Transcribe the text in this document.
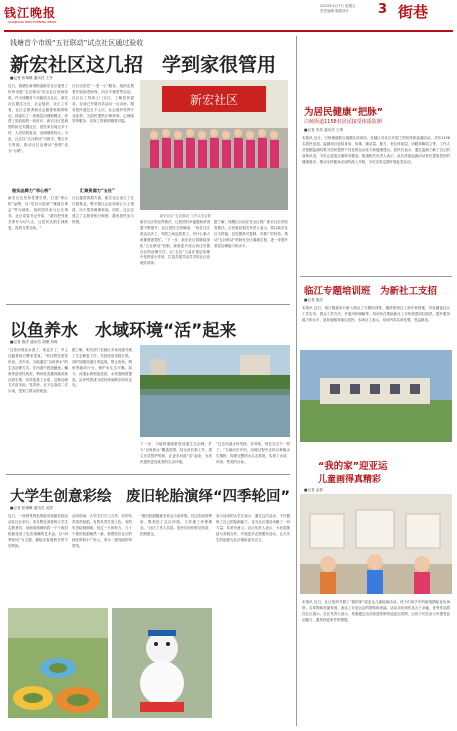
钱江晚报
QIANJIANG NEW EVENING NEWS
2023年4月7日 星期五
责任编辑 版面设计 3 街巷
钱塘首个市级“五社联动”试点社区通过验收
新宏社区这几招　学到家很管用
■记者 张琳琳 通讯员 王齐
近日，钱塘区新湾街道新宏社区接受了杭州市级“五社联动”试点社区现场验收。作为钱塘首个市级试点社区，新宏社区通过社区、社会组织、社区工作者、社区志愿者和社会慈善资源的联动，探索出了一套基层治理新模式，获得了验收组的一致好评。新宏社区是典型的拆迁安置社区，居民来自周边多个村，人员结构复杂，治理难度较大。为此，社区以“五社联动”为抓手，整合各方资源，推动社区治理从“独唱”变为“合唱”。
做实品牌力“邻心桥”
新宏社区坚持党建引领，打造“邻心桥”品牌，以“党员示范岗”“楼道议事会”等为载体，组织居民参与社区事务。社区党委书记介绍，“我们把邻里关系作为切入点，让居民从陌生到熟悉，再到互帮互助。”
社区还依托“一老一小”服务，组织志愿者开展助老助残、四点半课堂等活动。社区社工每周上门走访，了解居民需求。目前已开展各类活动一百余场，服务居民超过五千人次。社会组织发挥专业优势，为居民提供法律咨询、心理疏导等服务，实现了资源的精准对接。
汇聚资源力“五社”
社区慈善资源方面，新宏社区设立了社区微基金，吸引辖区企业和爱心人士捐款，用于帮扶困难家庭。同时，社区还建立了志愿者积分制度，激发居民参与热情。
新宏社区
新宏社区“五社联动”工作人员合影
新宏社区的这些做法，让居民的幸福感和获得感不断提升。社区居民王阿姨说：“现在社区里活动多了，邻居之间也熟悉了，有什么事大家都愿意帮忙。”下一步，新宏社区将继续深化“五社联动”机制，探索更多适合拆迁安置社区的治理方法，让“五社”力量在基层治理中发挥更大作用，打造共建共治共享的社区治理共同体。
据了解，钱塘区目前正在全区推广新宏社区的经验做法。区民政局相关负责人表示，将以新宏社区为样板，总结提炼可复制、可推广的经验，推动“五社联动”机制在全区落地生根，进一步提升基层治理能力和水平。
以鱼养水　水域环境“活”起来
■记者 施洋 通讯员 胡瑾 刘海
“这条河现在水清了，鱼也多了，早上还能看到白鹭来觅食。”家住附近的居民说。近年来，当地通过“以鱼养水”的生态治理方式，在河道中投放鲢鱼、鳙鱼等滤食性鱼类，利用鱼类摄食藻类和浮游生物，有效改善了水质。这种治理方式成本低、见效快，且不会造成二次污染，受到了群众的欢迎。
据了解，相关部门在辖区多条河道开展了生态修复工作，共投放鱼苗数万尾。同时加强河道日常巡查，禁止电鱼、网鱼等破坏行为，保护水生态平衡。如今，河道水质明显改善，水体透明度提高，沿岸风景成为居民休闲散步的好去处。
下一步，当地将继续推进河道生态治理，扩大“以鱼养水”覆盖范围，结合河长制工作，建立长效管护机制，让更多河道“活”起来，为居民提供更加优美的生活环境。
“过去河道水体发绿，有异味，现在完全不一样了。”当地河长介绍，治理过程中还结合种植水生植物，构建完整的水生态系统，实现了水清、岸绿、景美的目标。
大学生创意彩绘　废旧轮胎演绎“四季轮回”
■记者 张琳琳 通讯员 吴倩
近日，一场别具特色的废旧轮胎彩绘活动在社区举行。来自附近高校的大学生志愿者们，用画笔和颜料将一个个废旧轮胎变成了色彩斑斓的艺术品，以“四季轮回”为主题，描绘出春夏秋冬的不同景致。
活动现场，大学生们分工合作，有的负责清洗轮胎，有的负责打底上色，有的负责绘制图案。经过一天的努力，几十个废旧轮胎焕然一新，被摆放在社区的绿化带和小广场上，成为一道亮丽的风景线。
“废旧轮胎随意丢弃会污染环境，经过彩绘再利用，既美化了社区环境，又传递了环保理念。”社区工作人员说。居民们纷纷驻足欣赏，拍照留念。
参与活动的大学生表示，通过这次活动，不仅锻炼了自己的绘画能力，也为社区建设贡献了一份力量，非常有意义。社区负责人表示，今后将继续与高校合作，开展更多志愿服务活动，让大学生的创意为社区增添更多活力。
为居民健康“把脉”
白杨街道1158名居民接受体质监测
■记者 史奕 通讯员 王琦
本报讯 近日，白杨街道联合钱塘区体育局，在辖区各社区开展了国民体质监测活动，共有1158名居民参加。监测项目包括身高、体重、肺活量、握力、坐位体前屈、闭眼单脚站立等，工作人员根据监测结果为居民提供个性化的运动处方和健康建议。居民们表示，通过监测了解了自己的身体状况，今后会更加注重科学健身。街道相关负责人表示，此次体质监测活动旨在提高居民的健康意识，推动全民健身活动的深入开展，今后还将定期开展此类活动。
临江专题培训班　为新社工支招
■记者 施洋
本报讯 近日，临江街道举行新入职社工专题培训班，邀请资深社工和专家授课，内容涵盖社区工作实务、群众工作方法、矛盾纠纷调解等。培训旨在帮助新社工尽快熟悉岗位职责，提升服务能力和水平，更好地服务辖区居民。参训社工表示，培训内容实用性强，受益匪浅。
“我的家”迎亚运
儿童画得真精彩
■记者 孟群
本报讯 近日，社区组织开展了“我的家”迎亚运儿童绘画活动。孩子们用手中的画笔描绘亚运场馆、吉祥物和美丽家园，表达了对亚运会的期待和祝福。活动共收到作品五十余幅，优秀作品将在社区展示。社区负责人表示，希望通过活动营造浓厚的迎亚运氛围，让孩子们在参与中感受亚运魅力，激发热爱家乡的情感。
